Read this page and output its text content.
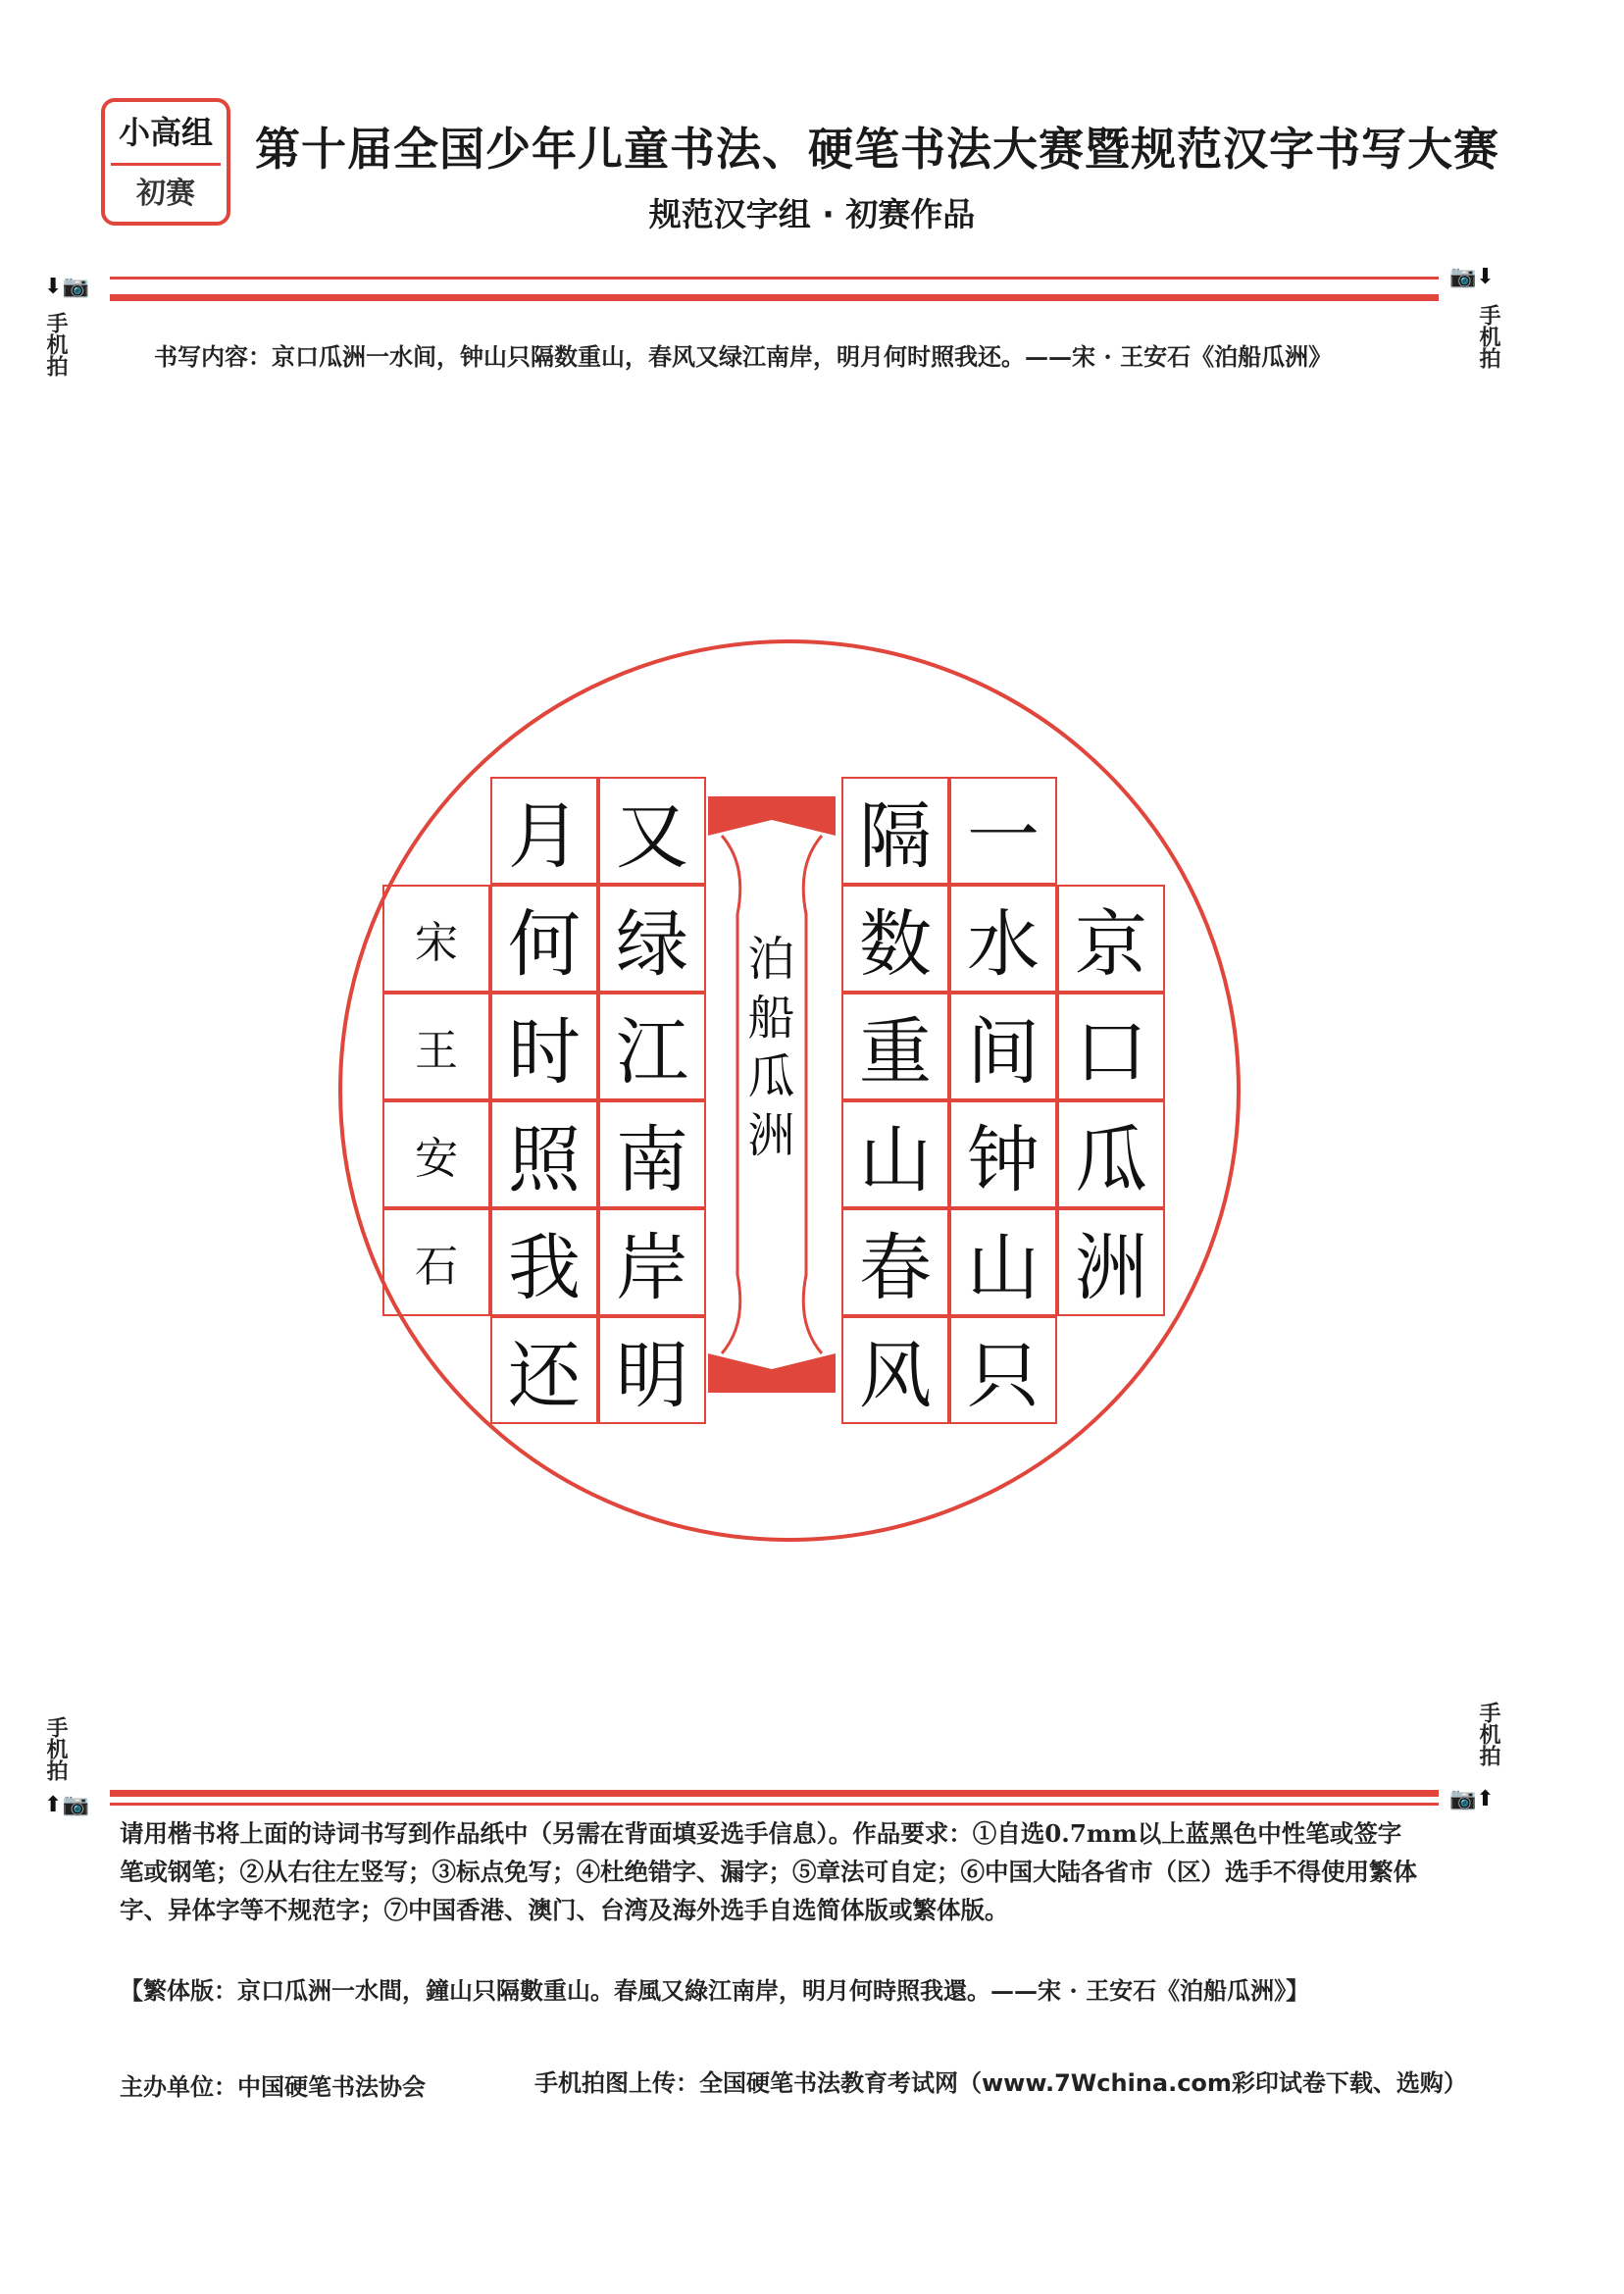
小高组
初赛
第十届全国少年儿童书法、硬笔书法大赛暨规范汉字书写大赛
规范汉字组 · 初赛作品
⬇📷
手机拍
📷⬇
手机拍
书写内容：京口瓜洲一水间，钟山只隔数重山，春风又绿江南岸，明月何时照我还。——宋 · 王安石《泊船瓜洲》
京
口
瓜
洲
一
水
间
钟
山
只
隔
数
重
山
春
风
泊船瓜洲
又
绿
江
南
岸
明
月
何
时
照
我
还
宋
王
安
石
手机拍
⬆📷
手机拍
📷⬆
请用楷书将上面的诗词书写到作品纸中（另需在背面填妥选手信息）。作品要求：①自选0.7mm以上蓝黑色中性笔或签字笔或钢笔；②从右往左竖写；③标点免写；④杜绝错字、漏字；⑤章法可自定；⑥中国大陆各省市（区）选手不得使用繁体字、异体字等不规范字；⑦中国香港、澳门、台湾及海外选手自选简体版或繁体版。
【繁体版：京口瓜洲一水間，鐘山只隔數重山。春風又綠江南岸，明月何時照我還。——宋 · 王安石《泊船瓜洲》】
主办单位：中国硬笔书法协会	手机拍图上传：全国硬笔书法教育考试网（www.7Wchina.com彩印试卷下载、选购）
